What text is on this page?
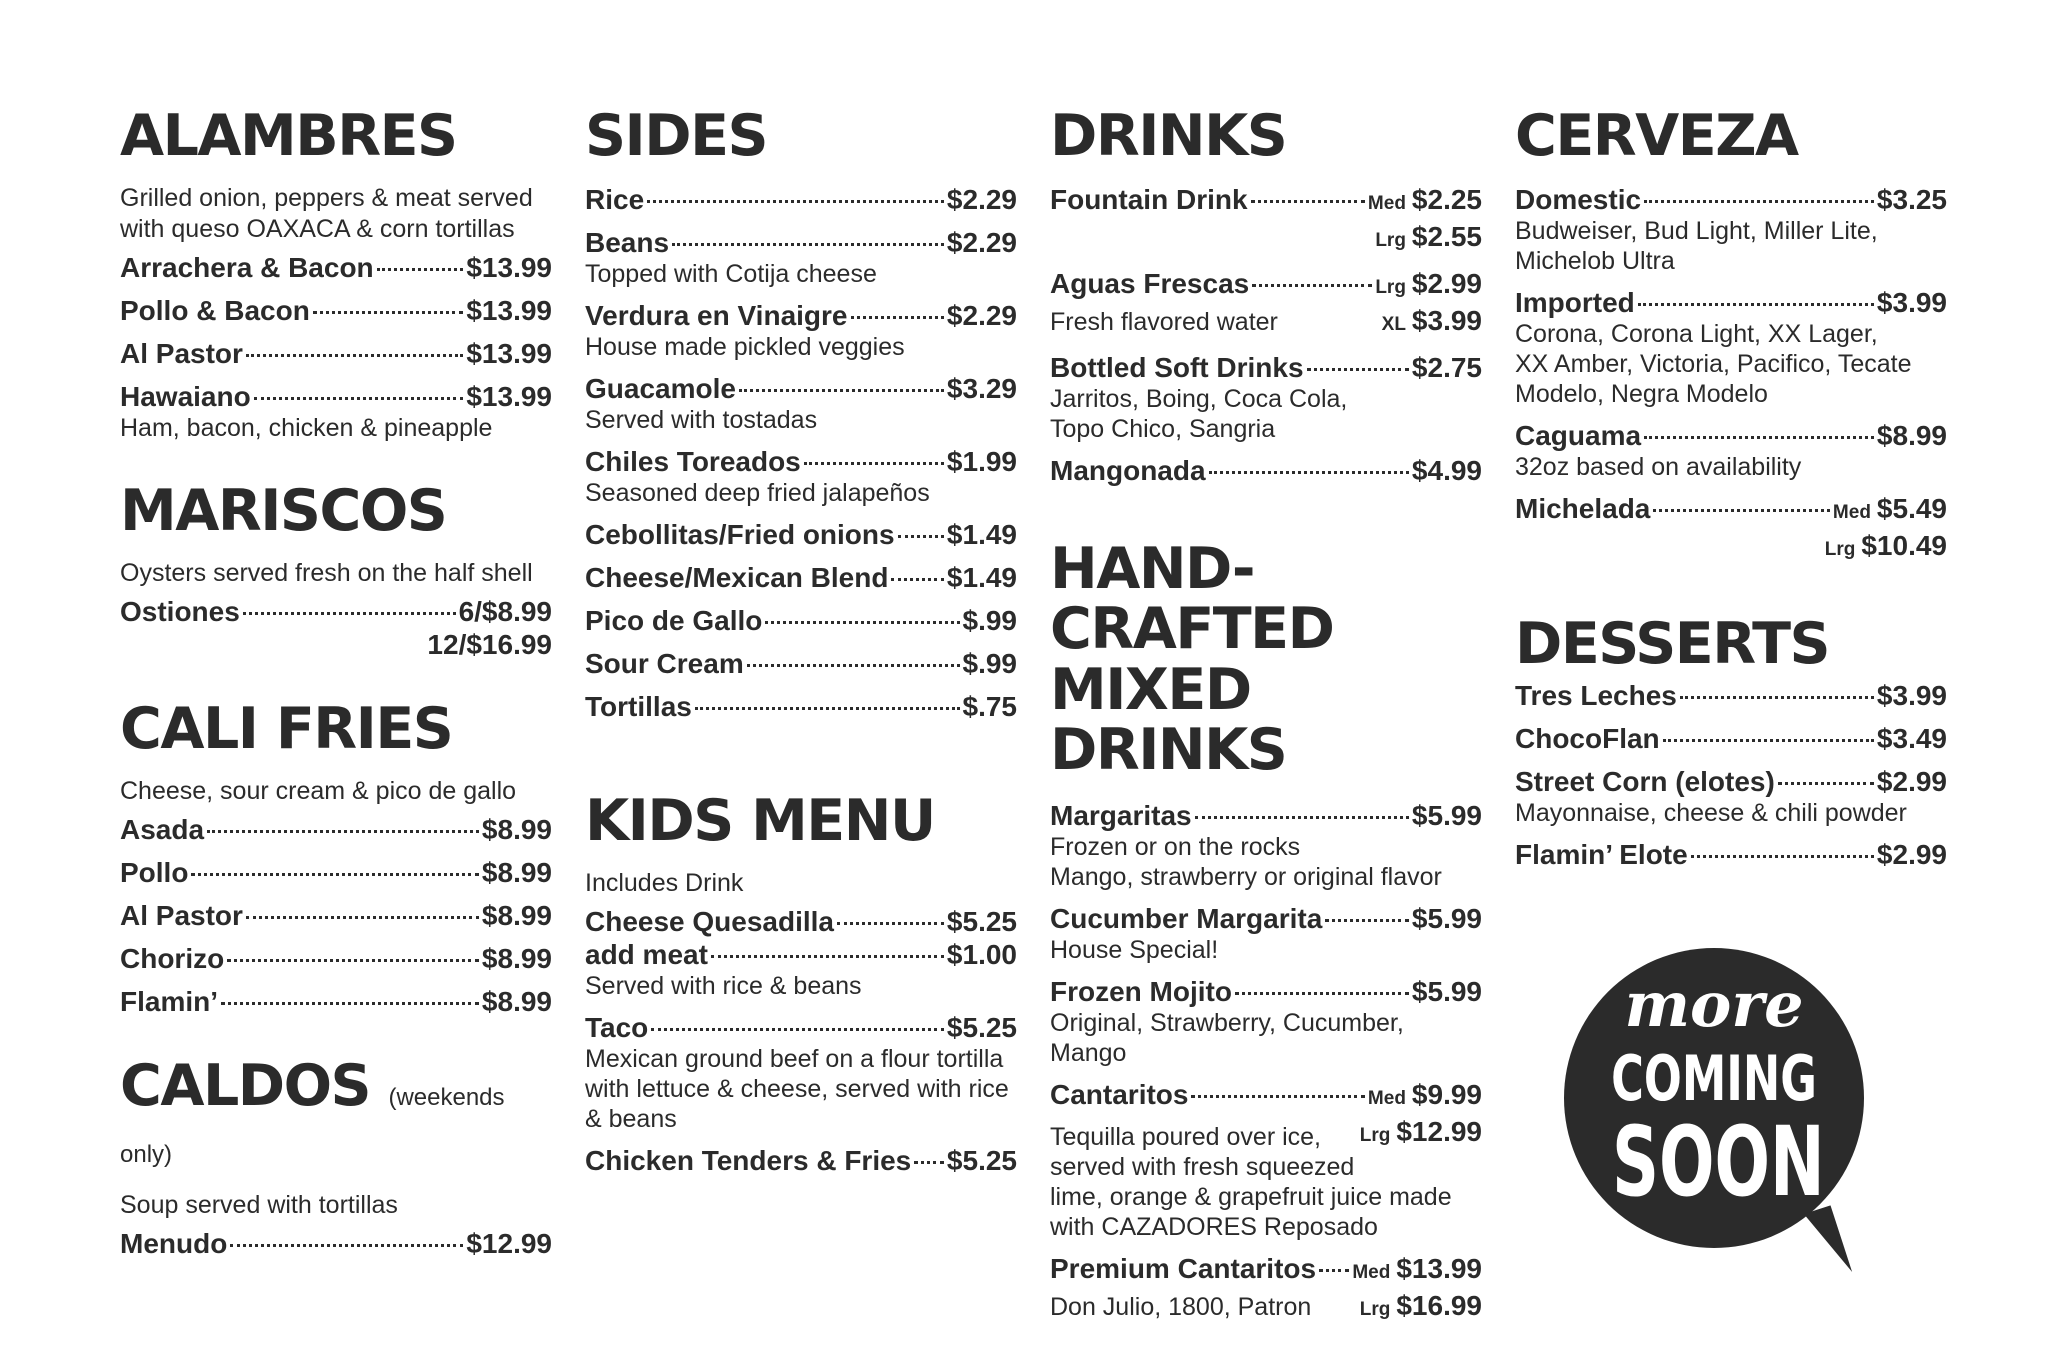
ALAMBRES
Grilled onion, peppers & meat served
with queso OAXACA & corn tortillas
Arrachera & Bacon	$13.99
Pollo & Bacon	$13.99
Al Pastor	$13.99
Hawaiano	$13.99
Ham, bacon, chicken & pineapple
MARISCOS
Oysters served fresh on the half shell
Ostiones	6/$8.99
12/$16.99
CALI FRIES
Cheese, sour cream & pico de gallo
Asada	$8.99
Pollo	$8.99
Al Pastor	$8.99
Chorizo	$8.99
Flamin’	$8.99
CALDOS (weekends only)
Soup served with tortillas
Menudo	$12.99
SIDES
Rice	$2.29
Beans	$2.29
Topped with Cotija cheese
Verdura en Vinaigre	$2.29
House made pickled veggies
Guacamole	$3.29
Served with tostadas
Chiles Toreados	$1.99
Seasoned deep fried jalapeños
Cebollitas/Fried onions $1.49
Cheese/Mexican Blend $1.49
Pico de Gallo	$.99
Sour Cream	$.99
Tortillas	$.75
KIDS MENU
Includes Drink
Cheese Quesadilla	$5.25
add meat	$1.00
Served with rice & beans
Taco	$5.25
Mexican ground beef on a flour tortilla with lettuce & cheese, served with rice & beans
Chicken Tenders & Fries $5.25
DRINKS
Fountain Drink	Med $2.25
Lrg $2.55
Aguas Frescas	Lrg $2.99
Fresh flavored water	XL $3.99
Bottled Soft Drinks	$2.75
Jarritos, Boing, Coca Cola,
Topo Chico, Sangria
Mangonada	$4.99
HAND-CRAFTED
MIXED DRINKS
Margaritas	$5.99
Frozen or on the rocks
Mango, strawberry or original flavor
Cucumber Margarita	$5.99
House Special!
Frozen Mojito	$5.99
Original, Strawberry, Cucumber,
Mango
Cantaritos	Med $9.99
Lrg $12.99
Tequilla poured over ice,
served with fresh squeezed
lime, orange & grapefruit juice made
with CAZADORES Reposado
Premium Cantaritos Med $13.99
Don Julio, 1800, Patron	Lrg $16.99
CERVEZA
Domestic	$3.25
Budweiser, Bud Light, Miller Lite,
Michelob Ultra
Imported	$3.99
Corona, Corona Light, XX Lager,
XX Amber, Victoria, Pacifico, Tecate
Modelo, Negra Modelo
Caguama	$8.99
32oz based on availability
Michelada	Med $5.49
Lrg $10.49
DESSERTS
Tres Leches	$3.99
ChocoFlan	$3.49
Street Corn (elotes)	$2.99
Mayonnaise, cheese & chili powder
Flamin’ Elote	$2.99
more
COMING
SOON
